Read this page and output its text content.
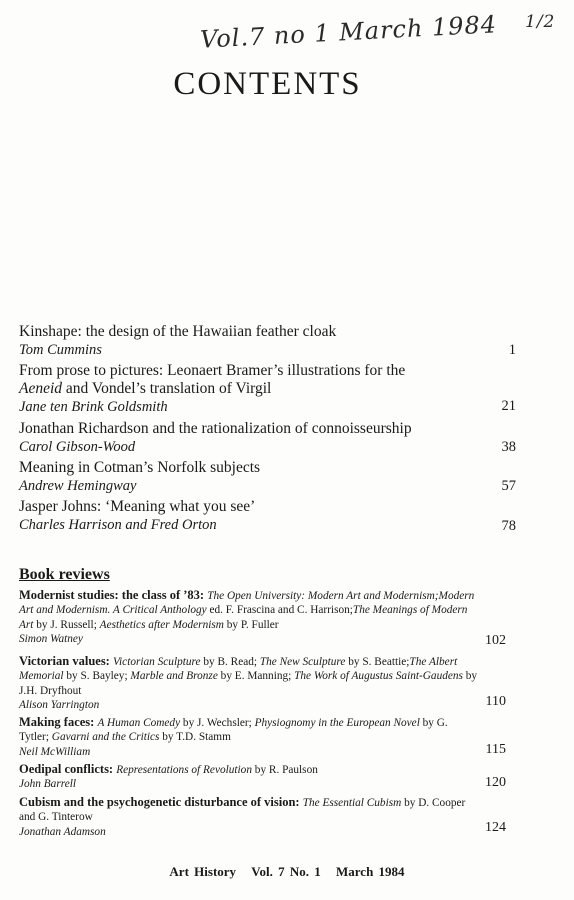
Vol.7 no 1 March 1984 1/2
CONTENTS
Kinshape: the design of the Hawaiian feather cloak
Tom Cummins	1
From prose to pictures: Leonaert Bramer’s illustrations for the
Aeneid and Vondel’s translation of Virgil
Jane ten Brink Goldsmith	21
Jonathan Richardson and the rationalization of connoisseurship
Carol Gibson-Wood	38
Meaning in Cotman’s Norfolk subjects
Andrew Hemingway	57
Jasper Johns: ‘Meaning what you see’
Charles Harrison and Fred Orton	78
Book reviews
Modernist studies: the class of ’83: The Open University: Modern Art and Modernism;Modern Art and Modernism. A Critical Anthology ed. F. Frascina and C. Harrison;The Meanings of Modern Art by J. Russell; Aesthetics after Modernism by P. Fuller
Simon Watney	102
Victorian values: Victorian Sculpture by B. Read; The New Sculpture by S. Beattie;The Albert Memorial by S. Bayley; Marble and Bronze by E. Manning; The Work of Augustus Saint-Gaudens by J.H. Dryfhout
Alison Yarrington	110
Making faces: A Human Comedy by J. Wechsler; Physiognomy in the European Novel by G. Tytler; Gavarni and the Critics by T.D. Stamm
Neil McWilliam	115
Oedipal conflicts: Representations of Revolution by R. Paulson
John Barrell	120
Cubism and the psychogenetic disturbance of vision: The Essential Cubism by D. Cooper and G. Tinterow
Jonathan Adamson	124
Art History Vol. 7 No. 1 March 1984
